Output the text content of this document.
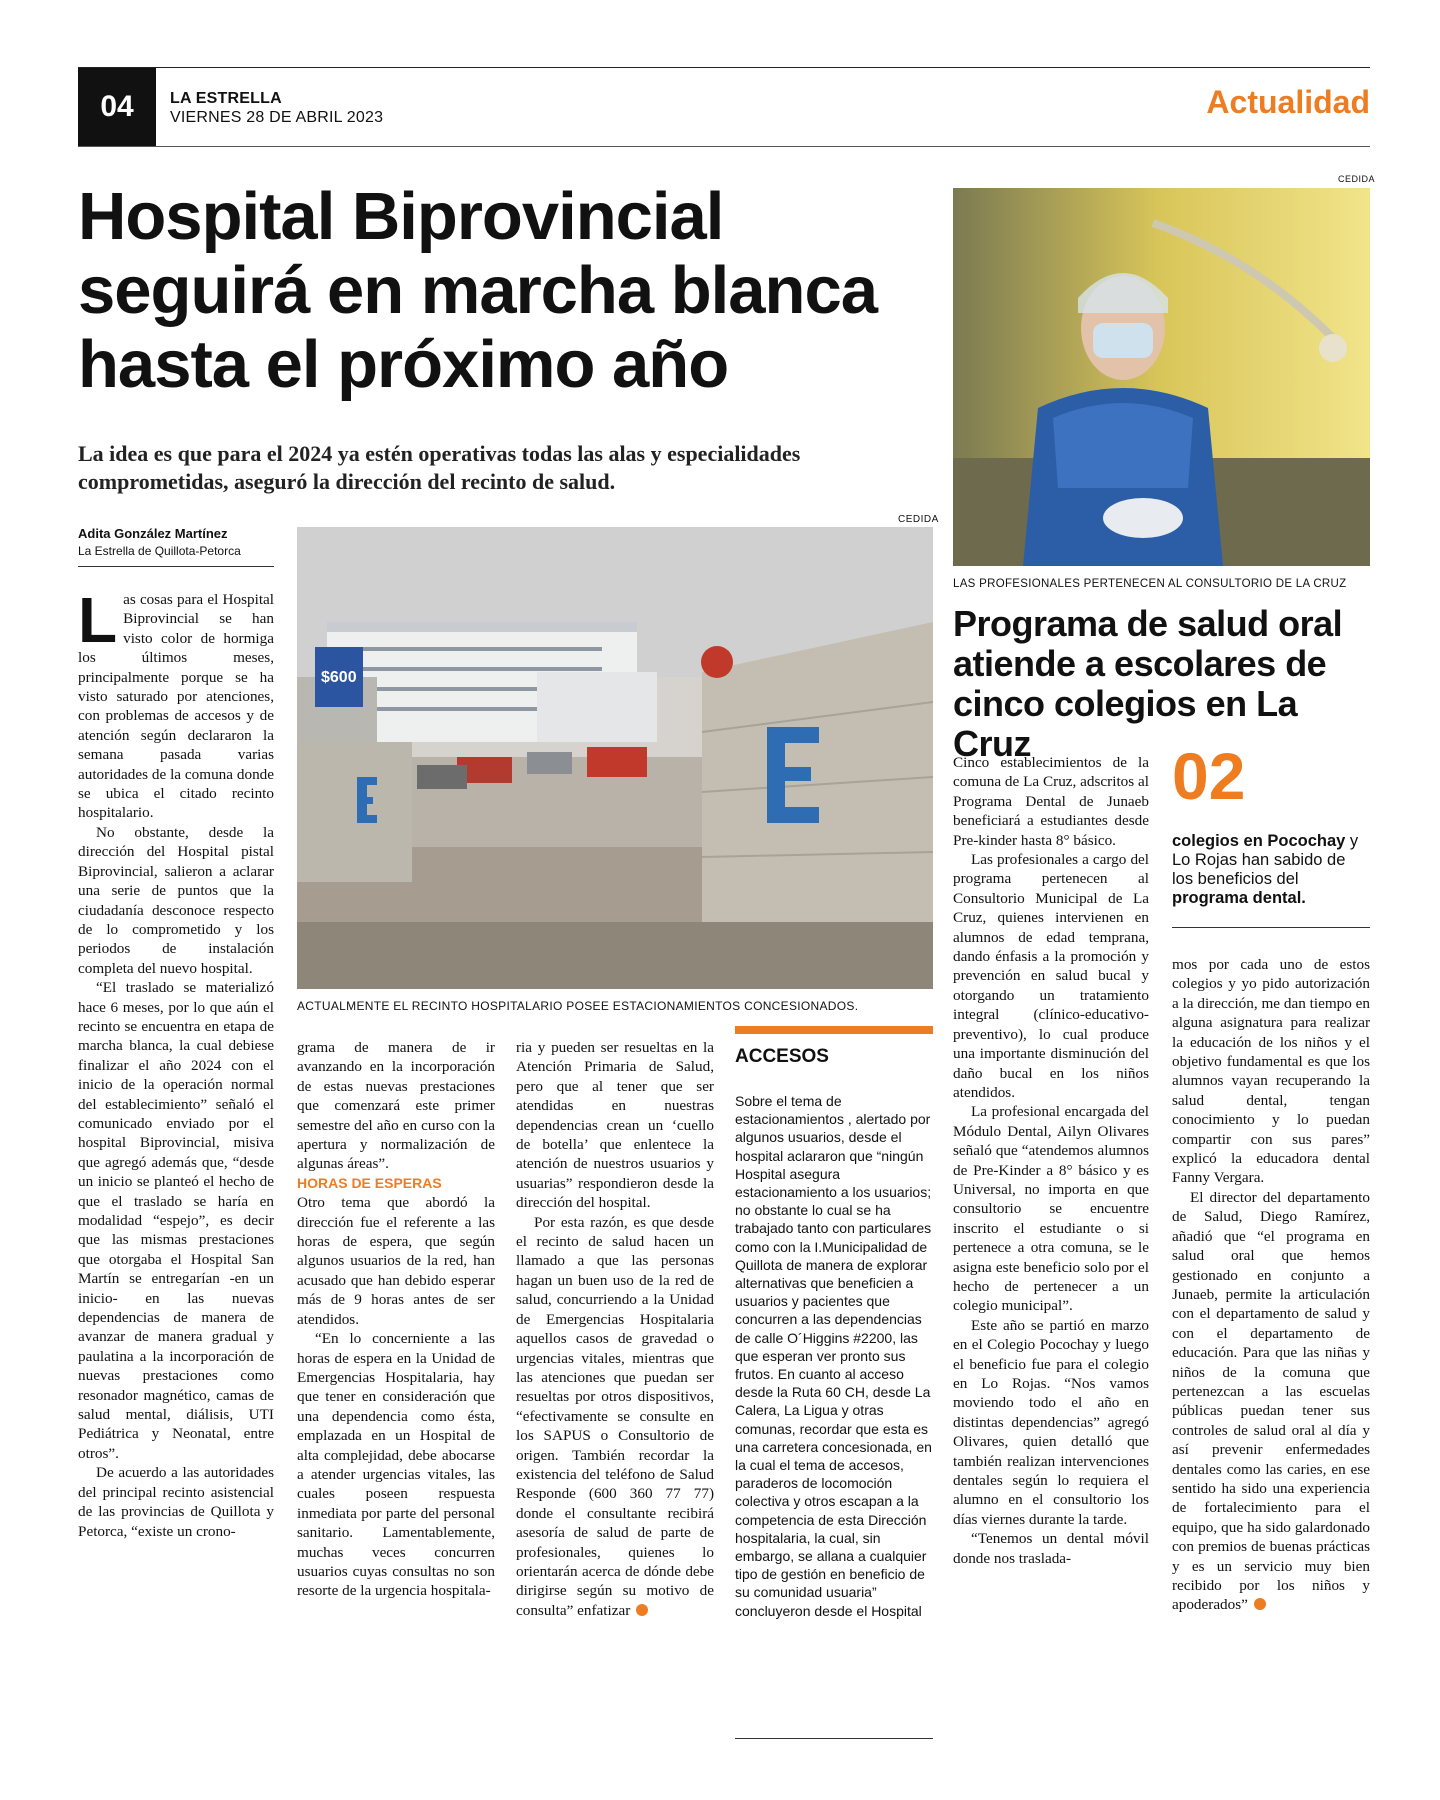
04	LA ESTRELLA
VIERNES 28 DE ABRIL 2023	Actualidad
Hospital Biprovincial seguirá en marcha blanca hasta el próximo año
La idea es que para el 2024 ya estén operativas todas las alas y especialidades comprometidas, aseguró la dirección del recinto de salud.
Adita González Martínez
La Estrella de Quillota-Petorca

Las cosas para el Hospital Biprovincial se han visto color de hormiga los últimos meses, principalmente porque se ha visto saturado por atenciones, con problemas de accesos y de atención según declararon la semana pasada varias autoridades de la comuna donde se ubica el citado recinto hospitalario.

No obstante, desde la dirección del Hospital pistal Biprovincial, salieron a aclarar una serie de puntos que la ciudadanía desconoce respecto de lo comprometido y los periodos de instalación completa del nuevo hospital.

“El traslado se materializó hace 6 meses, por lo que aún el recinto se encuentra en etapa de marcha blanca, la cual debiese finalizar el año 2024 con el inicio de la operación normal del establecimiento” señaló el comunicado enviado por el hospital Biprovincial, misiva que agregó además que, “desde un inicio se planteó el hecho de que el traslado se haría en modalidad “espejo”, es decir que las mismas prestaciones que otorgaba el Hospital San Martín se entregarían -en un inicio- en las nuevas dependencias de manera de avanzar de manera gradual y paulatina a la incorporación de nuevas prestaciones como resonador magnético, camas de salud mental, diálisis, UTI Pediátrica y Neonatal, entre otros”.

De acuerdo a las autoridades del principal recinto asistencial de las provincias de Quillota y Petorca, “existe un crono-

CEDIDA
$600
ACTUALMENTE EL RECINTO HOSPITALARIO POSEE ESTACIONAMIENTOS CONCESIONADOS.

grama de manera de ir avanzando en la incorporación de estas nuevas prestaciones que comenzará este primer semestre del año en curso con la apertura y normalización de algunas áreas”.

HORAS DE ESPERAS

Otro tema que abordó la dirección fue el referente a las horas de espera, que según algunos usuarios de la red, han acusado que han debido esperar más de 9 horas antes de ser atendidos.

“En lo concerniente a las horas de espera en la Unidad de Emergencias Hospitalaria, hay que tener en consideración que una dependencia como ésta, emplazada en un Hospital de alta complejidad, debe abocarse a atender urgencias vitales, las cuales poseen respuesta inmediata por parte del personal sanitario. Lamentablemente, muchas veces concurren usuarios cuyas consultas no son resorte de la urgencia hospitala-

ria y pueden ser resueltas en la Atención Primaria de Salud, pero que al tener que ser atendidas en nuestras dependencias crean un ‘cuello de botella’ que enlentece la atención de nuestros usuarios y usuarias” respondieron desde la dirección del hospital.

Por esta razón, es que desde el recinto de salud hacen un llamado a que las personas hagan un buen uso de la red de salud, concurriendo a la Unidad de Emergencias Hospitalaria aquellos casos de gravedad o urgencias vitales, mientras que las atenciones que puedan ser resueltas por otros dispositivos, “efectivamente se consulte en los SAPUS o Consultorio de origen. También recordar la existencia del teléfono de Salud Responde (600 360 77 77) donde el consultante recibirá asesoría de salud de parte de profesionales, quienes lo orientarán acerca de dónde debe dirigirse según su motivo de consulta” enfatizar

ACCESOS
Sobre el tema de estacionamientos , alertado por algunos usuarios, desde el hospital aclararon que “ningún Hospital asegura estacionamiento a los usuarios; no obstante lo cual se ha trabajado tanto con particulares como con la I.Municipalidad de Quillota de manera de explorar alternativas que beneficien a usuarios y pacientes que concurren a las dependencias de calle O´Higgins #2200, las que esperan ver pronto sus frutos. En cuanto al acceso desde la Ruta 60 CH, desde La Calera, La Ligua y otras comunas, recordar que esta es una carretera concesionada, en la cual el tema de accesos, paraderos de locomoción colectiva y otros escapan a la competencia de esta Dirección hospitalaria, la cual, sin embargo, se allana a cualquier tipo de gestión en beneficio de su comunidad usuaria” concluyeron desde el Hospital
CEDIDA
LAS PROFESIONALES PERTENECEN AL CONSULTORIO DE LA CRUZ
Programa de salud oral atiende a escolares de cinco colegios en La Cruz

Cinco establecimientos de la comuna de La Cruz, adscritos al Programa Dental de Junaeb beneficiará a estudiantes desde Pre-kinder hasta 8° básico.

Las profesionales a cargo del programa pertenecen al Consultorio Municipal de La Cruz, quienes intervienen en alumnos de edad temprana, dando énfasis a la promoción y prevención en salud bucal y otorgando un tratamiento integral (clínico-educativo-preventivo), lo cual produce una importante disminución del daño bucal en los niños atendidos.

La profesional encargada del Módulo Dental, Ailyn Olivares señaló que “atendemos alumnos de Pre-Kinder a 8° básico y es Universal, no importa en que consultorio se encuentre inscrito el estudiante o si pertenece a otra comuna, se le asigna este beneficio solo por el hecho de pertenecer a un colegio municipal”.

Este año se partió en marzo en el Colegio Pocochay y luego el beneficio fue para el colegio en Lo Rojas. “Nos vamos moviendo todo el año en distintas dependencias” agregó Olivares, quien detalló que también realizan intervenciones dentales según lo requiera el alumno en el consultorio los días viernes durante la tarde.

“Tenemos un dental móvil donde nos traslada-

02
colegios en Pocochay y Lo Rojas han sabido de los beneficios del programa dental.

mos por cada uno de estos colegios y yo pido autorización a la dirección, me dan tiempo en alguna asignatura para realizar la educación de los niños y el objetivo fundamental es que los alumnos vayan recuperando la salud dental, tengan conocimiento y lo puedan compartir con sus pares” explicó la educadora dental Fanny Vergara.

El director del departamento de Salud, Diego Ramírez, añadió que “el programa en salud oral que hemos gestionado en conjunto a Junaeb, permite la articulación con el departamento de salud y con el departamento de educación. Para que las niñas y niños de la comuna que pertenezcan a las escuelas públicas puedan tener sus controles de salud oral al día y así prevenir enfermedades dentales como las caries, en ese sentido ha sido una experiencia de fortalecimiento para el equipo, que ha sido galardonado con premios de buenas prácticas y es un servicio muy bien recibido por los niños y apoderados”
